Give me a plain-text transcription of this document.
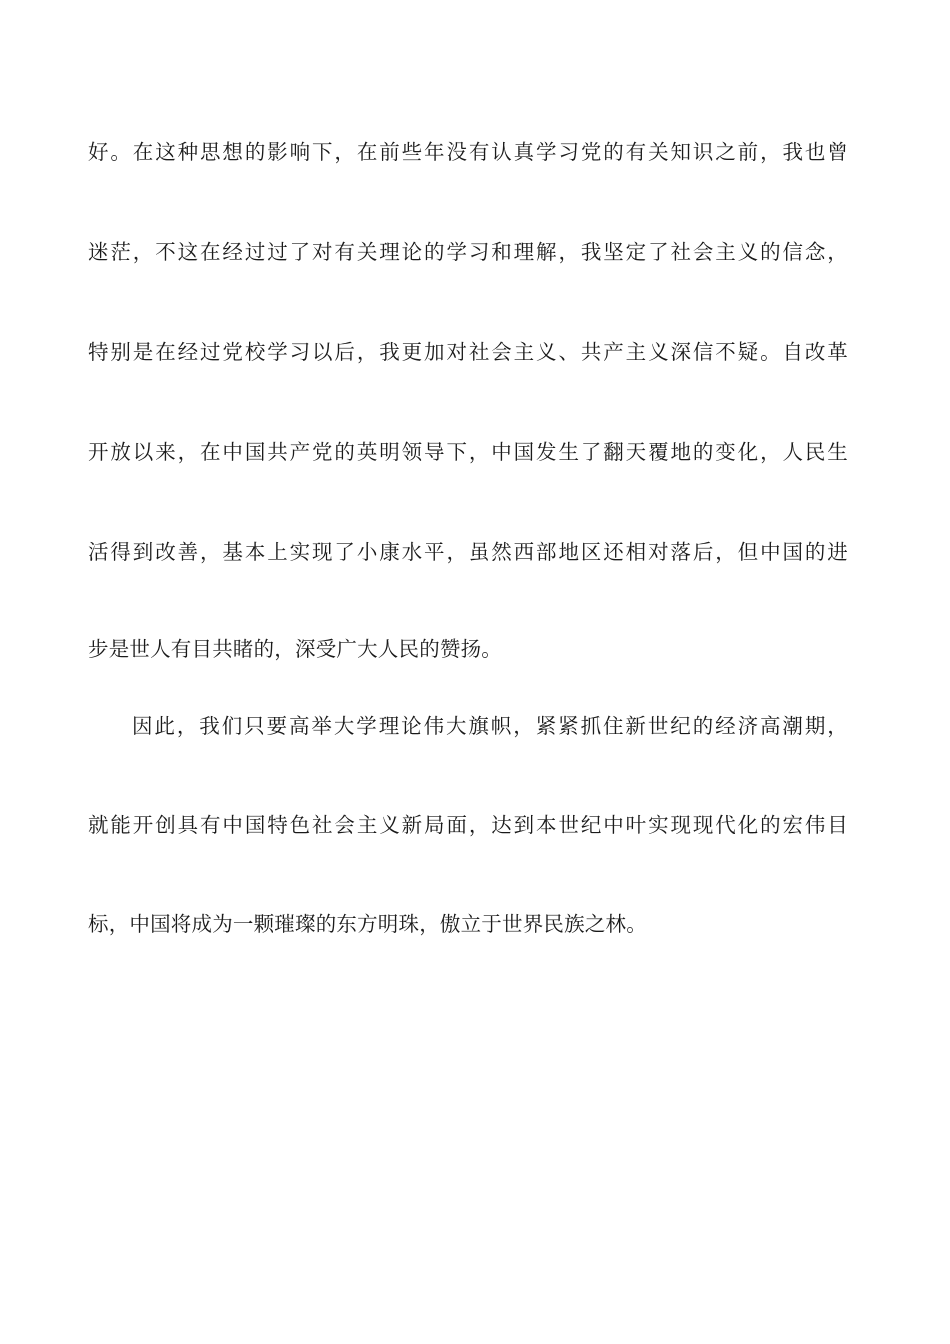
好。在这种思想的影响下，在前些年没有认真学习党的有关知识之前，我也曾
迷茫，不这在经过过了对有关理论的学习和理解，我坚定了社会主义的信念，
特别是在经过党校学习以后，我更加对社会主义、共产主义深信不疑。自改革
开放以来，在中国共产党的英明领导下，中国发生了翻天覆地的变化，人民生
活得到改善，基本上实现了小康水平，虽然西部地区还相对落后，但中国的进
步是世人有目共睹的，深受广大人民的赞扬。
因此，我们只要高举大学理论伟大旗帜，紧紧抓住新世纪的经济高潮期，
就能开创具有中国特色社会主义新局面，达到本世纪中叶实现现代化的宏伟目
标，中国将成为一颗璀璨的东方明珠，傲立于世界民族之林。
